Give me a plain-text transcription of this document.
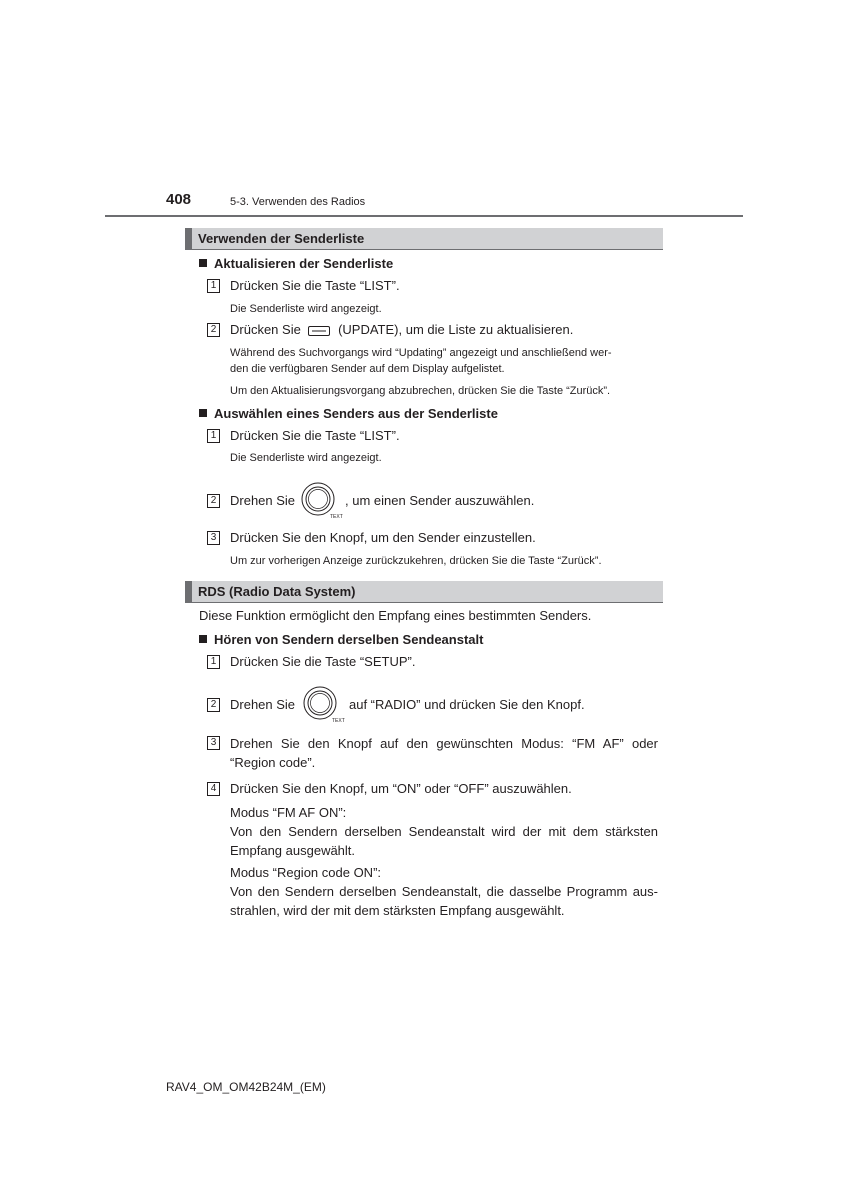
408	5-3. Verwenden des Radios
Verwenden der Senderliste
Aktualisieren der Senderliste
1 Drücken Sie die Taste “LIST”.
Die Senderliste wird angezeigt.
2 Drücken Sie	(UPDATE), um die Liste zu aktualisieren.
Während des Suchvorgangs wird “Updating” angezeigt und anschließend wer-
den die verfügbaren Sender auf dem Display aufgelistet.
Um den Aktualisierungsvorgang abzubrechen, drücken Sie die Taste “Zurück”.
Auswählen eines Senders aus der Senderliste
1 Drücken Sie die Taste “LIST”.
Die Senderliste wird angezeigt.
2 Drehen Sie
TEXT
, um einen Sender auszuwählen.
3 Drücken Sie den Knopf, um den Sender einzustellen.
Um zur vorherigen Anzeige zurückzukehren, drücken Sie die Taste “Zurück”.
RDS (Radio Data System)
Diese Funktion ermöglicht den Empfang eines bestimmten Senders.
Hören von Sendern derselben Sendeanstalt
1 Drücken Sie die Taste “SETUP”.
2 Drehen Sie
TEXT
auf “RADIO” und drücken Sie den Knopf.
3 Drehen Sie den Knopf auf den gewünschten Modus: “FM AF” oder
“Region code”.
4 Drücken Sie den Knopf, um “ON” oder “OFF” auszuwählen.
Modus “FM AF ON”:
Von den Sendern derselben Sendeanstalt wird der mit dem stärksten
Empfang ausgewählt.
Modus “Region code ON”:
Von den Sendern derselben Sendeanstalt, die dasselbe Programm aus-
strahlen, wird der mit dem stärksten Empfang ausgewählt.
RAV4_OM_OM42B24M_(EM)
